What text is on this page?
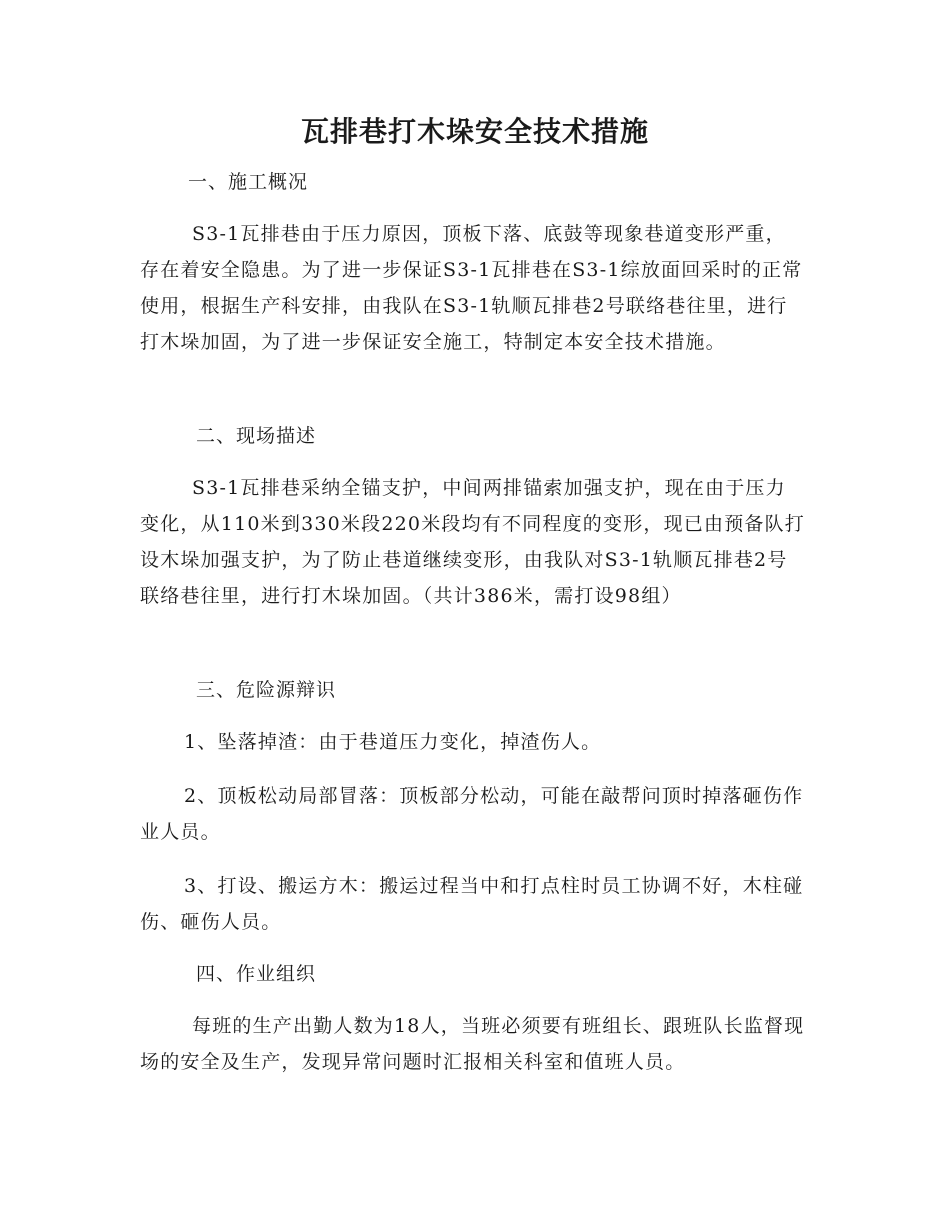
瓦排巷打木垛安全技术措施
一、施工概况
S3-1瓦排巷由于压力原因，顶板下落、底鼓等现象巷道变形严重，存在着安全隐患。为了进一步保证S3-1瓦排巷在S3-1综放面回采时的正常使用，根据生产科安排，由我队在S3-1轨顺瓦排巷2号联络巷往里，进行打木垛加固，为了进一步保证安全施工，特制定本安全技术措施。
二、现场描述
S3-1瓦排巷采纳全锚支护，中间两排锚索加强支护，现在由于压力变化，从110米到330米段220米段均有不同程度的变形，现已由预备队打设木垛加强支护，为了防止巷道继续变形，由我队对S3-1轨顺瓦排巷2号联络巷往里，进行打木垛加固。（共计386米，需打设98组）
三、危险源辩识
1、坠落掉渣：由于巷道压力变化，掉渣伤人。
2、顶板松动局部冒落：顶板部分松动，可能在敲帮问顶时掉落砸伤作业人员。
3、打设、搬运方木：搬运过程当中和打点柱时员工协调不好，木柱碰伤、砸伤人员。
四、作业组织
每班的生产出勤人数为18人，当班必须要有班组长、跟班队长监督现场的安全及生产，发现异常问题时汇报相关科室和值班人员。
